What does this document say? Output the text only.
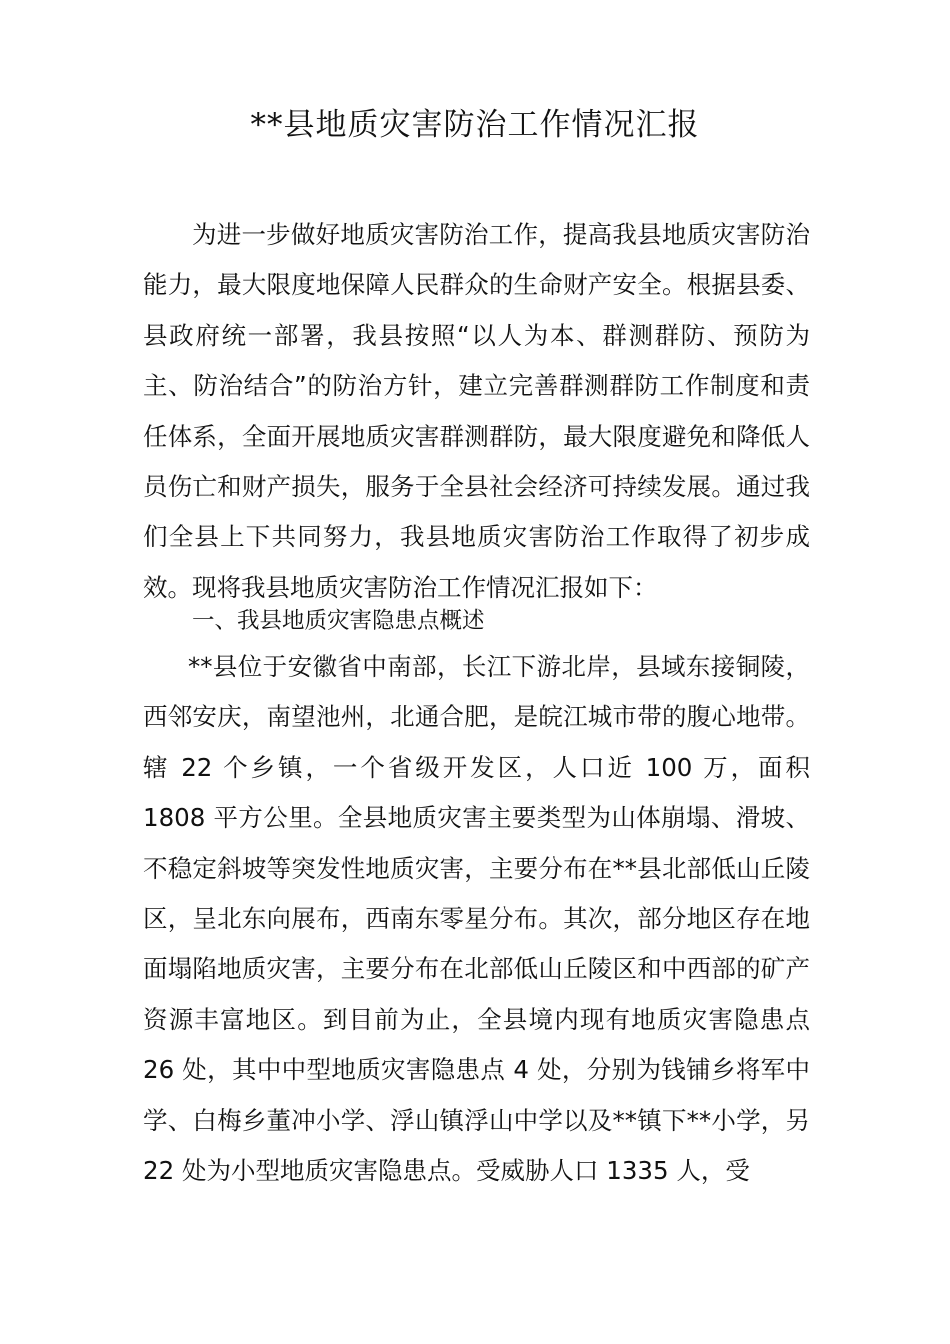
**县地质灾害防治工作情况汇报
为进一步做好地质灾害防治工作，提高我县地质灾害防治能力，最大限度地保障人民群众的生命财产安全。根据县委、县政府统一部署，我县按照“以人为本、群测群防、预防为主、防治结合”的防治方针，建立完善群测群防工作制度和责任体系，全面开展地质灾害群测群防，最大限度避免和降低人员伤亡和财产损失，服务于全县社会经济可持续发展。通过我们全县上下共同努力，我县地质灾害防治工作取得了初步成效。现将我县地质灾害防治工作情况汇报如下：
一、我县地质灾害隐患点概述
**县位于安徽省中南部，长江下游北岸，县域东接铜陵，西邻安庆，南望池州，北通合肥，是皖江城市带的腹心地带。辖 22 个乡镇，一个省级开发区，人口近 100 万，面积 1808 平方公里。全县地质灾害主要类型为山体崩塌、滑坡、不稳定斜坡等突发性地质灾害，主要分布在**县北部低山丘陵区，呈北东向展布，西南东零星分布。其次，部分地区存在地面塌陷地质灾害，主要分布在北部低山丘陵区和中西部的矿产资源丰富地区。到目前为止，全县境内现有地质灾害隐患点 26 处，其中中型地质灾害隐患点 4 处，分别为钱铺乡将军中学、白梅乡董冲小学、浮山镇浮山中学以及**镇下**小学，另 22 处为小型地质灾害隐患点。受威胁人口 1335 人，受
